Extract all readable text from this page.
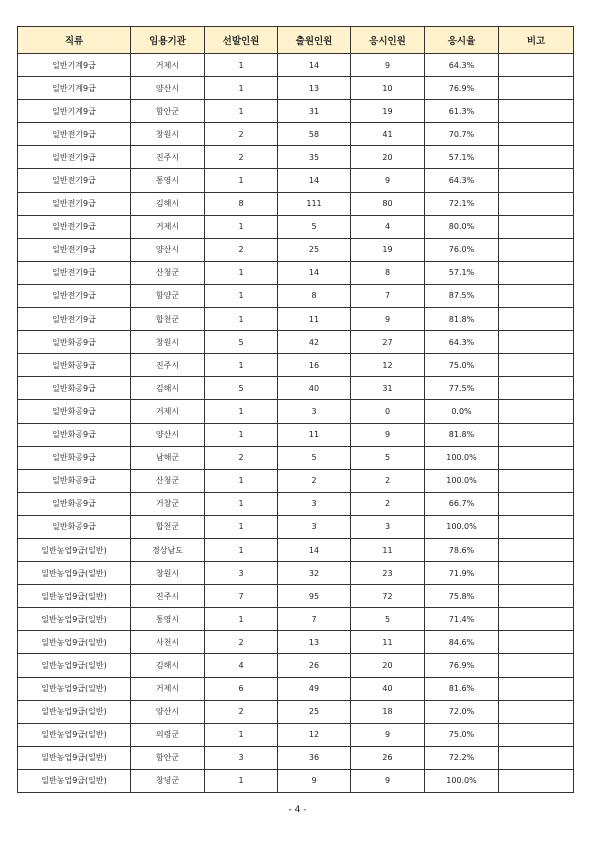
직류	임용기관	선발인원	출원인원	응시인원	응시율	비고
일반기계9급	거제시	1	14	9	64.3%	
일반기계9급	양산시	1	13	10	76.9%	
일반기계9급	함안군	1	31	19	61.3%	
일반전기9급	창원시	2	58	41	70.7%	
일반전기9급	진주시	2	35	20	57.1%	
일반전기9급	통영시	1	14	9	64.3%	
일반전기9급	김해시	8	111	80	72.1%	
일반전기9급	거제시	1	5	4	80.0%	
일반전기9급	양산시	2	25	19	76.0%	
일반전기9급	산청군	1	14	8	57.1%	
일반전기9급	함양군	1	8	7	87.5%	
일반전기9급	합천군	1	11	9	81.8%	
일반화공9급	창원시	5	42	27	64.3%	
일반화공9급	진주시	1	16	12	75.0%	
일반화공9급	김해시	5	40	31	77.5%	
일반화공9급	거제시	1	3	0	0.0%	
일반화공9급	양산시	1	11	9	81.8%	
일반화공9급	남해군	2	5	5	100.0%	
일반화공9급	산청군	1	2	2	100.0%	
일반화공9급	거창군	1	3	2	66.7%	
일반화공9급	합천군	1	3	3	100.0%	
일반농업9급(일반)	경상남도	1	14	11	78.6%	
일반농업9급(일반)	창원시	3	32	23	71.9%	
일반농업9급(일반)	진주시	7	95	72	75.8%	
일반농업9급(일반)	통영시	1	7	5	71.4%	
일반농업9급(일반)	사천시	2	13	11	84.6%	
일반농업9급(일반)	김해시	4	26	20	76.9%	
일반농업9급(일반)	거제시	6	49	40	81.6%	
일반농업9급(일반)	양산시	2	25	18	72.0%	
일반농업9급(일반)	의령군	1	12	9	75.0%	
일반농업9급(일반)	함안군	3	36	26	72.2%	
일반농업9급(일반)	창녕군	1	9	9	100.0%	
- 4 -
